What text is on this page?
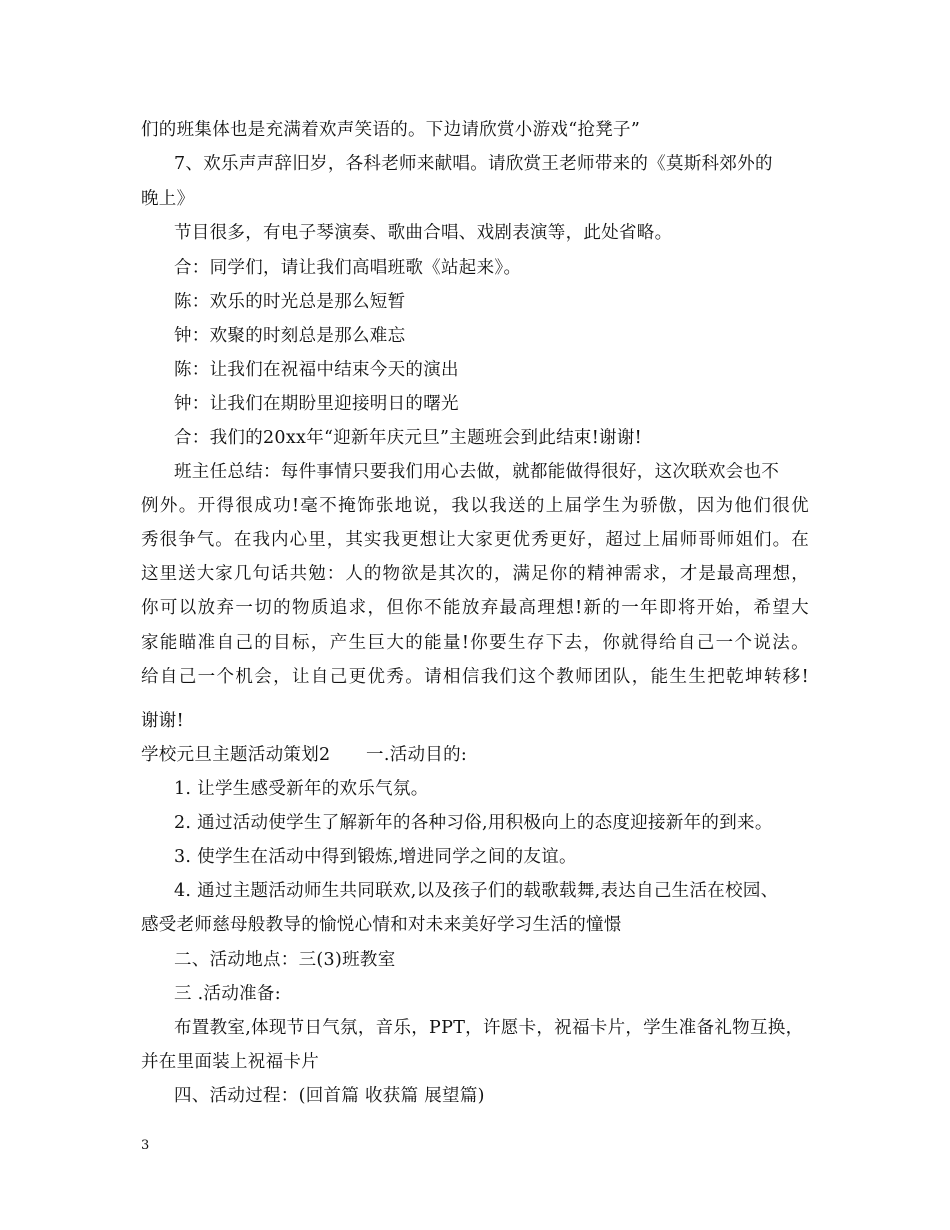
们的班集体也是充满着欢声笑语的。下边请欣赏小游戏“抢凳子”
7、欢乐声声辞旧岁，各科老师来献唱。请欣赏王老师带来的《莫斯科郊外的
晚上》
节目很多，有电子琴演奏、歌曲合唱、戏剧表演等，此处省略。
合：同学们，请让我们高唱班歌《站起来》。
陈：欢乐的时光总是那么短暂
钟：欢聚的时刻总是那么难忘
陈：让我们在祝福中结束今天的演出
钟：让我们在期盼里迎接明日的曙光
合：我们的20xx年“迎新年庆元旦”主题班会到此结束!谢谢!
班主任总结：每件事情只要我们用心去做，就都能做得很好，这次联欢会也不
例外。开得很成功!毫不掩饰张地说，我以我送的上届学生为骄傲，因为他们很优
秀很争气。在我内心里，其实我更想让大家更优秀更好，超过上届师哥师姐们。在
这里送大家几句话共勉：人的物欲是其次的，满足你的精神需求，才是最高理想，
你可以放弃一切的物质追求，但你不能放弃最高理想!新的一年即将开始，希望大
家能瞄准自己的目标，产生巨大的能量!你要生存下去，你就得给自己一个说法。
给自己一个机会，让自己更优秀。请相信我们这个教师团队，能生生把乾坤转移!
谢谢!
学校元旦主题活动策划2　　一.活动目的:
1. 让学生感受新年的欢乐气氛。
2. 通过活动使学生了解新年的各种习俗,用积极向上的态度迎接新年的到来。
3. 使学生在活动中得到锻炼,增进同学之间的友谊。
4. 通过主题活动师生共同联欢,以及孩子们的载歌载舞,表达自己生活在校园、
感受老师慈母般教导的愉悦心情和对未来美好学习生活的憧憬
二、活动地点：三(3)班教室
三 .活动准备:
布置教室,体现节日气氛，音乐，PPT，许愿卡，祝福卡片，学生准备礼物互换，
并在里面装上祝福卡片
四、活动过程：(回首篇 收获篇 展望篇)
3
